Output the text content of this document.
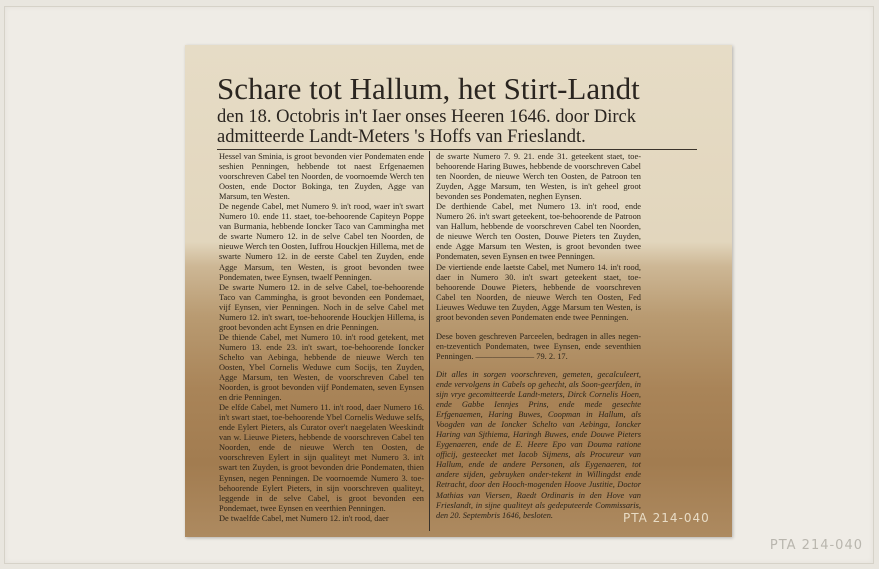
Schare tot Hallum, het Stirt-Landt
den 18. Octobris in't Iaer onses Heeren 1646. door Dirck admitteerde Landt-Meters 's Hoffs van Frieslandt.

Hessel van Sminia, is groot bevonden vier Pondematen ende seshien Penningen, hebbende tot naest Erfgenaemen voorschreven Cabel ten Noorden, de voornoemde Werch ten Oosten, ende Doctor Bokinga, ten Zuyden, Agge van Marsum, ten Westen.

De negende Cabel, met Numero 9. in't rood, waer in't swart Numero 10. ende 11. staet, toe-behoorende Capiteyn Poppe van Burmania, hebbende Ioncker Taco van Cammingha met de swarte Numero 12. in de selve Cabel ten Noorden, de nieuwe Werch ten Oosten, Iuffrou Houckjen Hillema, met de swarte Numero 12. in de eerste Cabel ten Zuyden, ende Agge Marsum, ten Westen, is groot bevonden twee Pondematen, twee Eynsen, twaelf Penningen.

De swarte Numero 12. in de selve Cabel, toe-behoorende Taco van Cammingha, is groot bevonden een Pondemaet, vijf Eynsen, vier Penningen. Noch in de selve Cabel met Numero 12. in't swart, toe-behoorende Houckjen Hillema, is groot bevonden acht Eynsen en drie Penningen.

De thiende Cabel, met Numero 10. in't rood getekent, met Numero 13. ende 23. in't swart, toe-behoorende Ioncker Schelto van Aebinga, hebbende de nieuwe Werch ten Oosten, Ybel Cornelis Weduwe cum Socijs, ten Zuyden, Agge Marsum, ten Westen, de voorschreven Cabel ten Noorden, is groot bevonden vijf Pondematen, seven Eynsen en drie Penningen.

De elfde Cabel, met Numero 11. in't rood, daer Numero 16. in't swart staet, toe-behoorende Ybel Cornelis Weduwe selfs, ende Eylert Pieters, als Curator over't naegelaten Weeskindt van w. Lieuwe Pieters, hebbende de voorschreven Cabel ten Noorden, ende de nieuwe Werch ten Oosten, de voorschreven Eylert in sijn qualiteyt met Numero 3. in't swart ten Zuyden, is groot bevonden drie Pondematen, thien Eynsen, negen Penningen. De voornoemde Numero 3. toe-behoorende Eylert Pieters, in sijn voorschreven qualiteyt, leggende in de selve Cabel, is groot bevonden een Pondemaet, twee Eynsen en veerthien Penningen.

De twaelfde Cabel, met Numero 12. in't rood, daer

de swarte Numero 7. 9. 21. ende 31. geteekent staet, toe-behoorende Haring Buwes, hebbende de voorschreven Cabel ten Noorden, de nieuwe Werch ten Oosten, de Patroon ten Zuyden, Agge Marsum, ten Westen, is in't geheel groot bevonden ses Pondematen, neghen Eynsen.

De derthiende Cabel, met Numero 13. in't rood, ende Numero 26. in't swart geteekent, toe-behoorende de Patroon van Hallum, hebbende de voorschreven Cabel ten Noorden, de nieuwe Werch ten Oosten, Douwe Pieters ten Zuyden, ende Agge Marsum ten Westen, is groot bevonden twee Pondematen, seven Eynsen en twee Penningen.

De viertiende ende laetste Cabel, met Numero 14. in't rood, daer in Numero 30. in't swart geteekent staet, toe-behoorende Douwe Pieters, hebbende de voorschreven Cabel ten Noorden, de nieuwe Werch ten Oosten, Fed Lieuwes Weduwe ten Zuyden, Agge Marsum ten Westen, is groot bevonden seven Pondematen ende twee Penningen.

Dese boven geschreven Parceelen, bedragen in alles negen-en-tzeventich Pondematen, twee Eynsen, ende seventhien Penningen. ——————— 79. 2. 17.

Dit alles in sorgen voorschreven, gemeten, gecalculeert, ende vervolgens in Cabels op gehecht, als Soon-geerfden, in sijn vrye gecomitteerde Landt-meters, Dirck Cornelis Hoen, ende Gabbe Iennjes Prins, ende mede gesechte Erfgenaemen, Haring Buwes, Coopman in Hallum, als Voogden van de Ioncker Schelto van Aebinga, Ioncker Haring van Sjthiema, Haringh Buwes, ende Douwe Pieters Eygenaeren, ende de E. Heere Epo van Douma ratione officij, gesteecket met Iacob Sijmens, als Procureur van Hallum, ende de andere Personen, als Eygenaeren, tot andere sijden, gebruyken onder-tekent in Willingdst ende Retracht, door den Hooch-mogenden Hoove Justitie, Doctor Mathias van Viersen, Raedt Ordinaris in den Hove van Frieslandt, in sijne qualiteyt als gedeputeerde Commissaris, den 20. Septembris 1646, besloten.	PTA 214-040
PTA 214-040
